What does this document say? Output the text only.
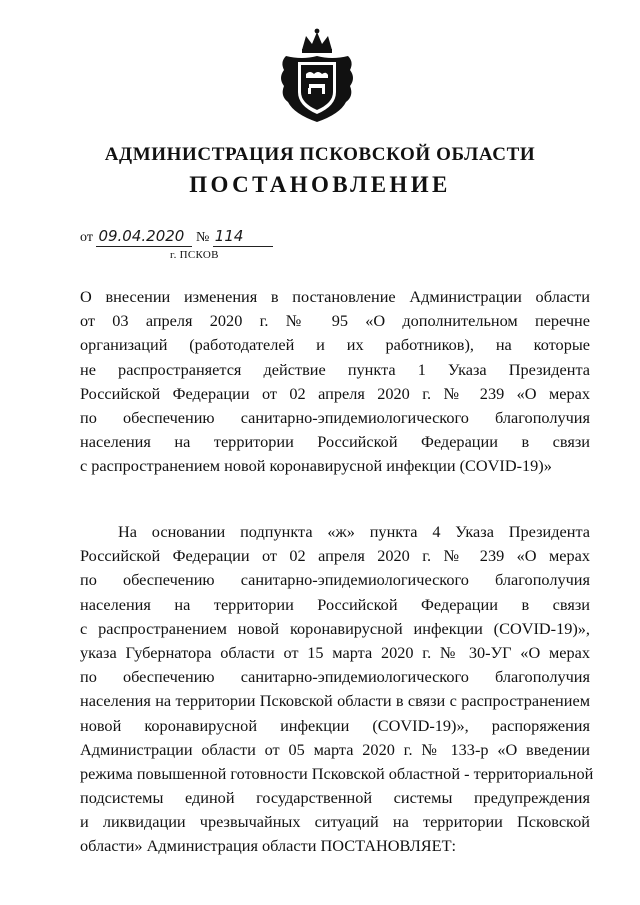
АДМИНИСТРАЦИЯ ПСКОВСКОЙ ОБЛАСТИ
ПОСТАНОВЛЕНИЕ
от 09.04.2020 № 114
г. ПСКОВ
О внесении изменения в постановление Администрации области
от 03 апреля 2020 г. № 95 «О дополнительном перечне
организаций (работодателей и их работников), на которые
не распространяется действие пункта 1 Указа Президента
Российской Федерации от 02 апреля 2020 г. № 239 «О мерах
по обеспечению санитарно-эпидемиологического благополучия
населения на территории Российской Федерации в связи
с распространением новой коронавирусной инфекции (COVID-19)»
На основании подпункта «ж» пункта 4 Указа Президента
Российской Федерации от 02 апреля 2020 г. № 239 «О мерах
по обеспечению санитарно-эпидемиологического благополучия
населения на территории Российской Федерации в связи
с распространением новой коронавирусной инфекции (COVID-19)»,
указа Губернатора области от 15 марта 2020 г. № 30-УГ «О мерах
по обеспечению санитарно-эпидемиологического благополучия
населения на территории Псковской области в связи с распространением
новой коронавирусной инфекции (COVID-19)», распоряжения
Администрации области от 05 марта 2020 г. № 133-р «О введении
режима повышенной готовности Псковской областной - территориальной
подсистемы единой государственной системы предупреждения
и ликвидации чрезвычайных ситуаций на территории Псковской
области» Администрация области ПОСТАНОВЛЯЕТ:
